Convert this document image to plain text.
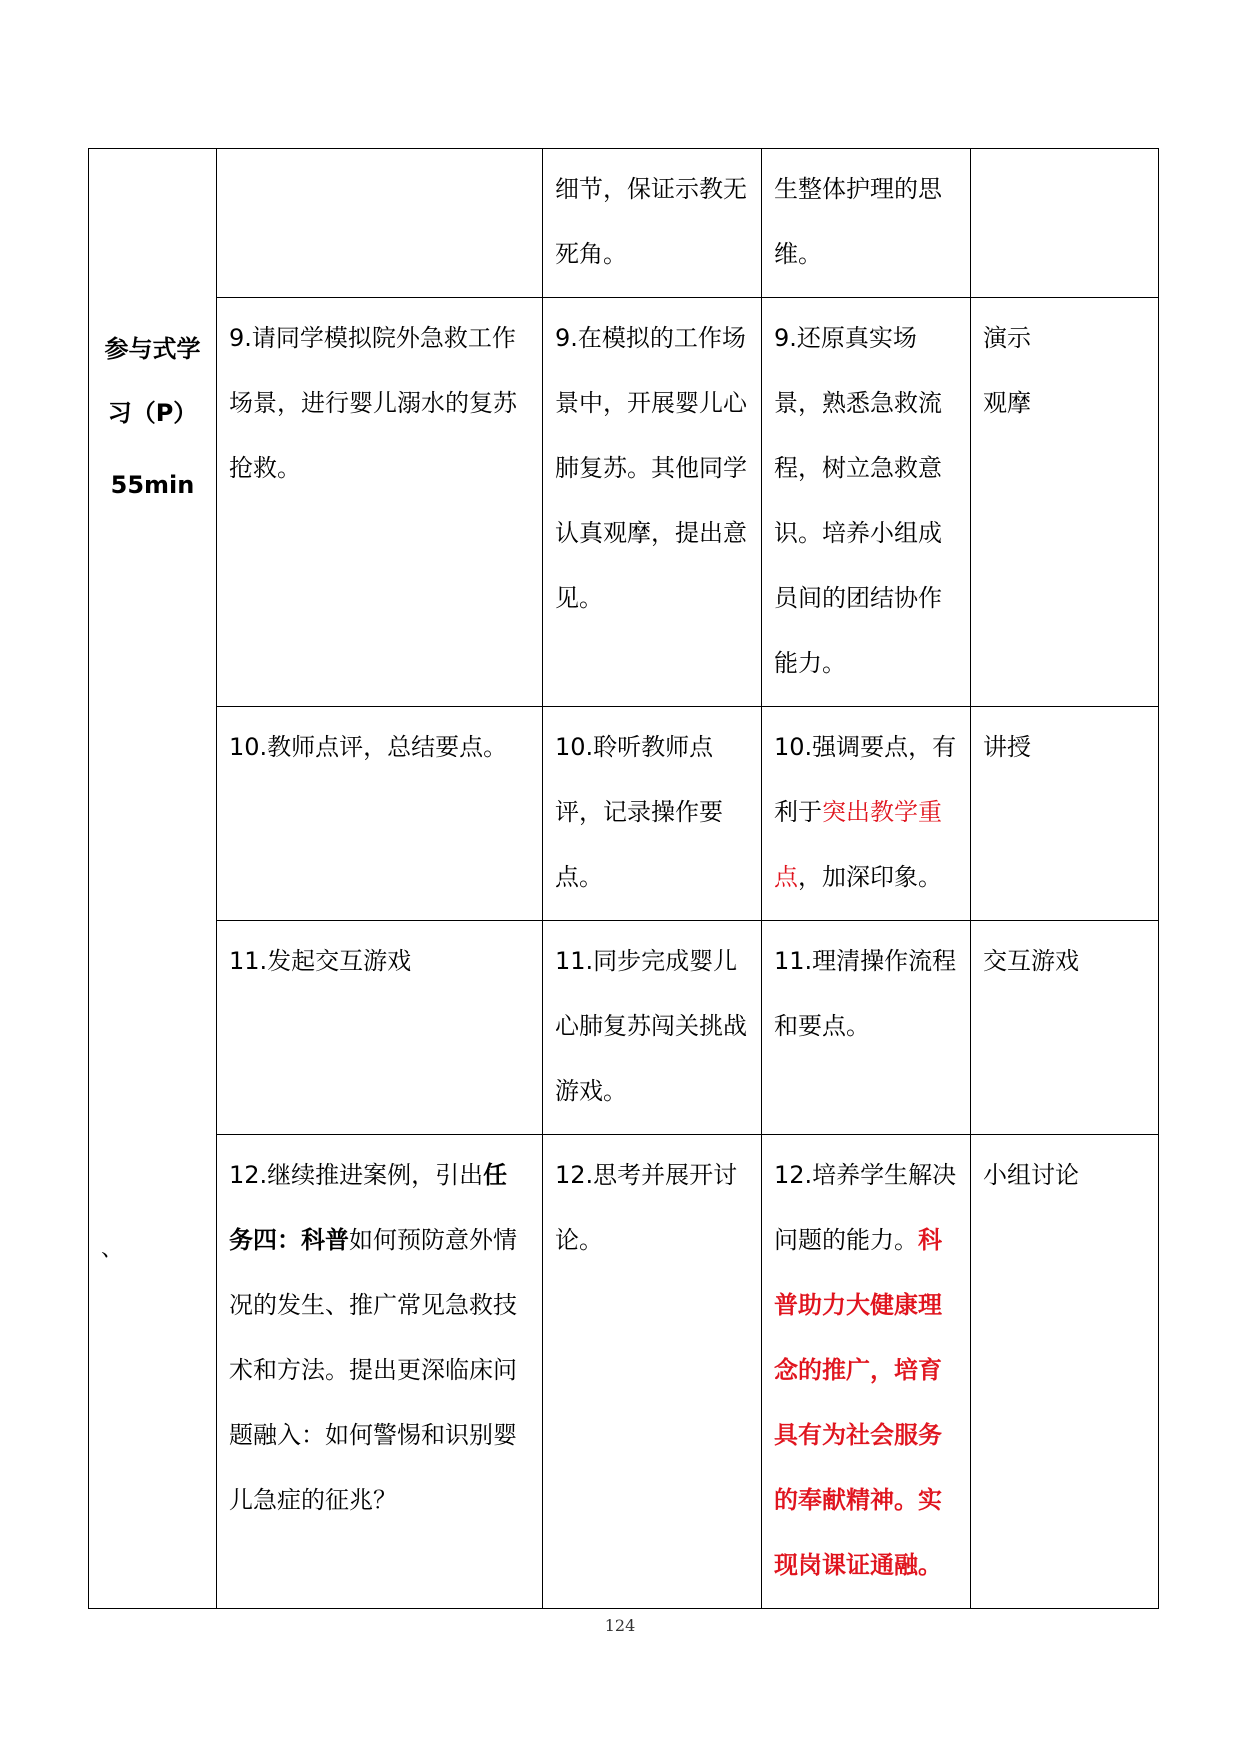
参与式学
习（P）
55min
、		细节，保证示教无死角。	生整体护理的思维。	
	9.请同学模拟院外急救工作场景，进行婴儿溺水的复苏抢救。	9.在模拟的工作场景中，开展婴儿心肺复苏。其他同学认真观摩，提出意见。	9.还原真实场景，熟悉急救流程，树立急救意识。培养小组成员间的团结协作能力。	演示
观摩

	10.教师点评，总结要点。	10.聆听教师点评，记录操作要点。	10.强调要点，有利于突出教学重点，加深印象。	讲授
	11.发起交互游戏	11.同步完成婴儿心肺复苏闯关挑战游戏。	11.理清操作流程和要点。	交互游戏
	12.继续推进案例，引出任务四：科普如何预防意外情况的发生、推广常见急救技术和方法。提出更深临床问题融入：如何警惕和识别婴儿急症的征兆？	12.思考并展开讨论。	12.培养学生解决问题的能力。科普助力大健康理念的推广，培育具有为社会服务的奉献精神。实现岗课证通融。	小组讨论
124
